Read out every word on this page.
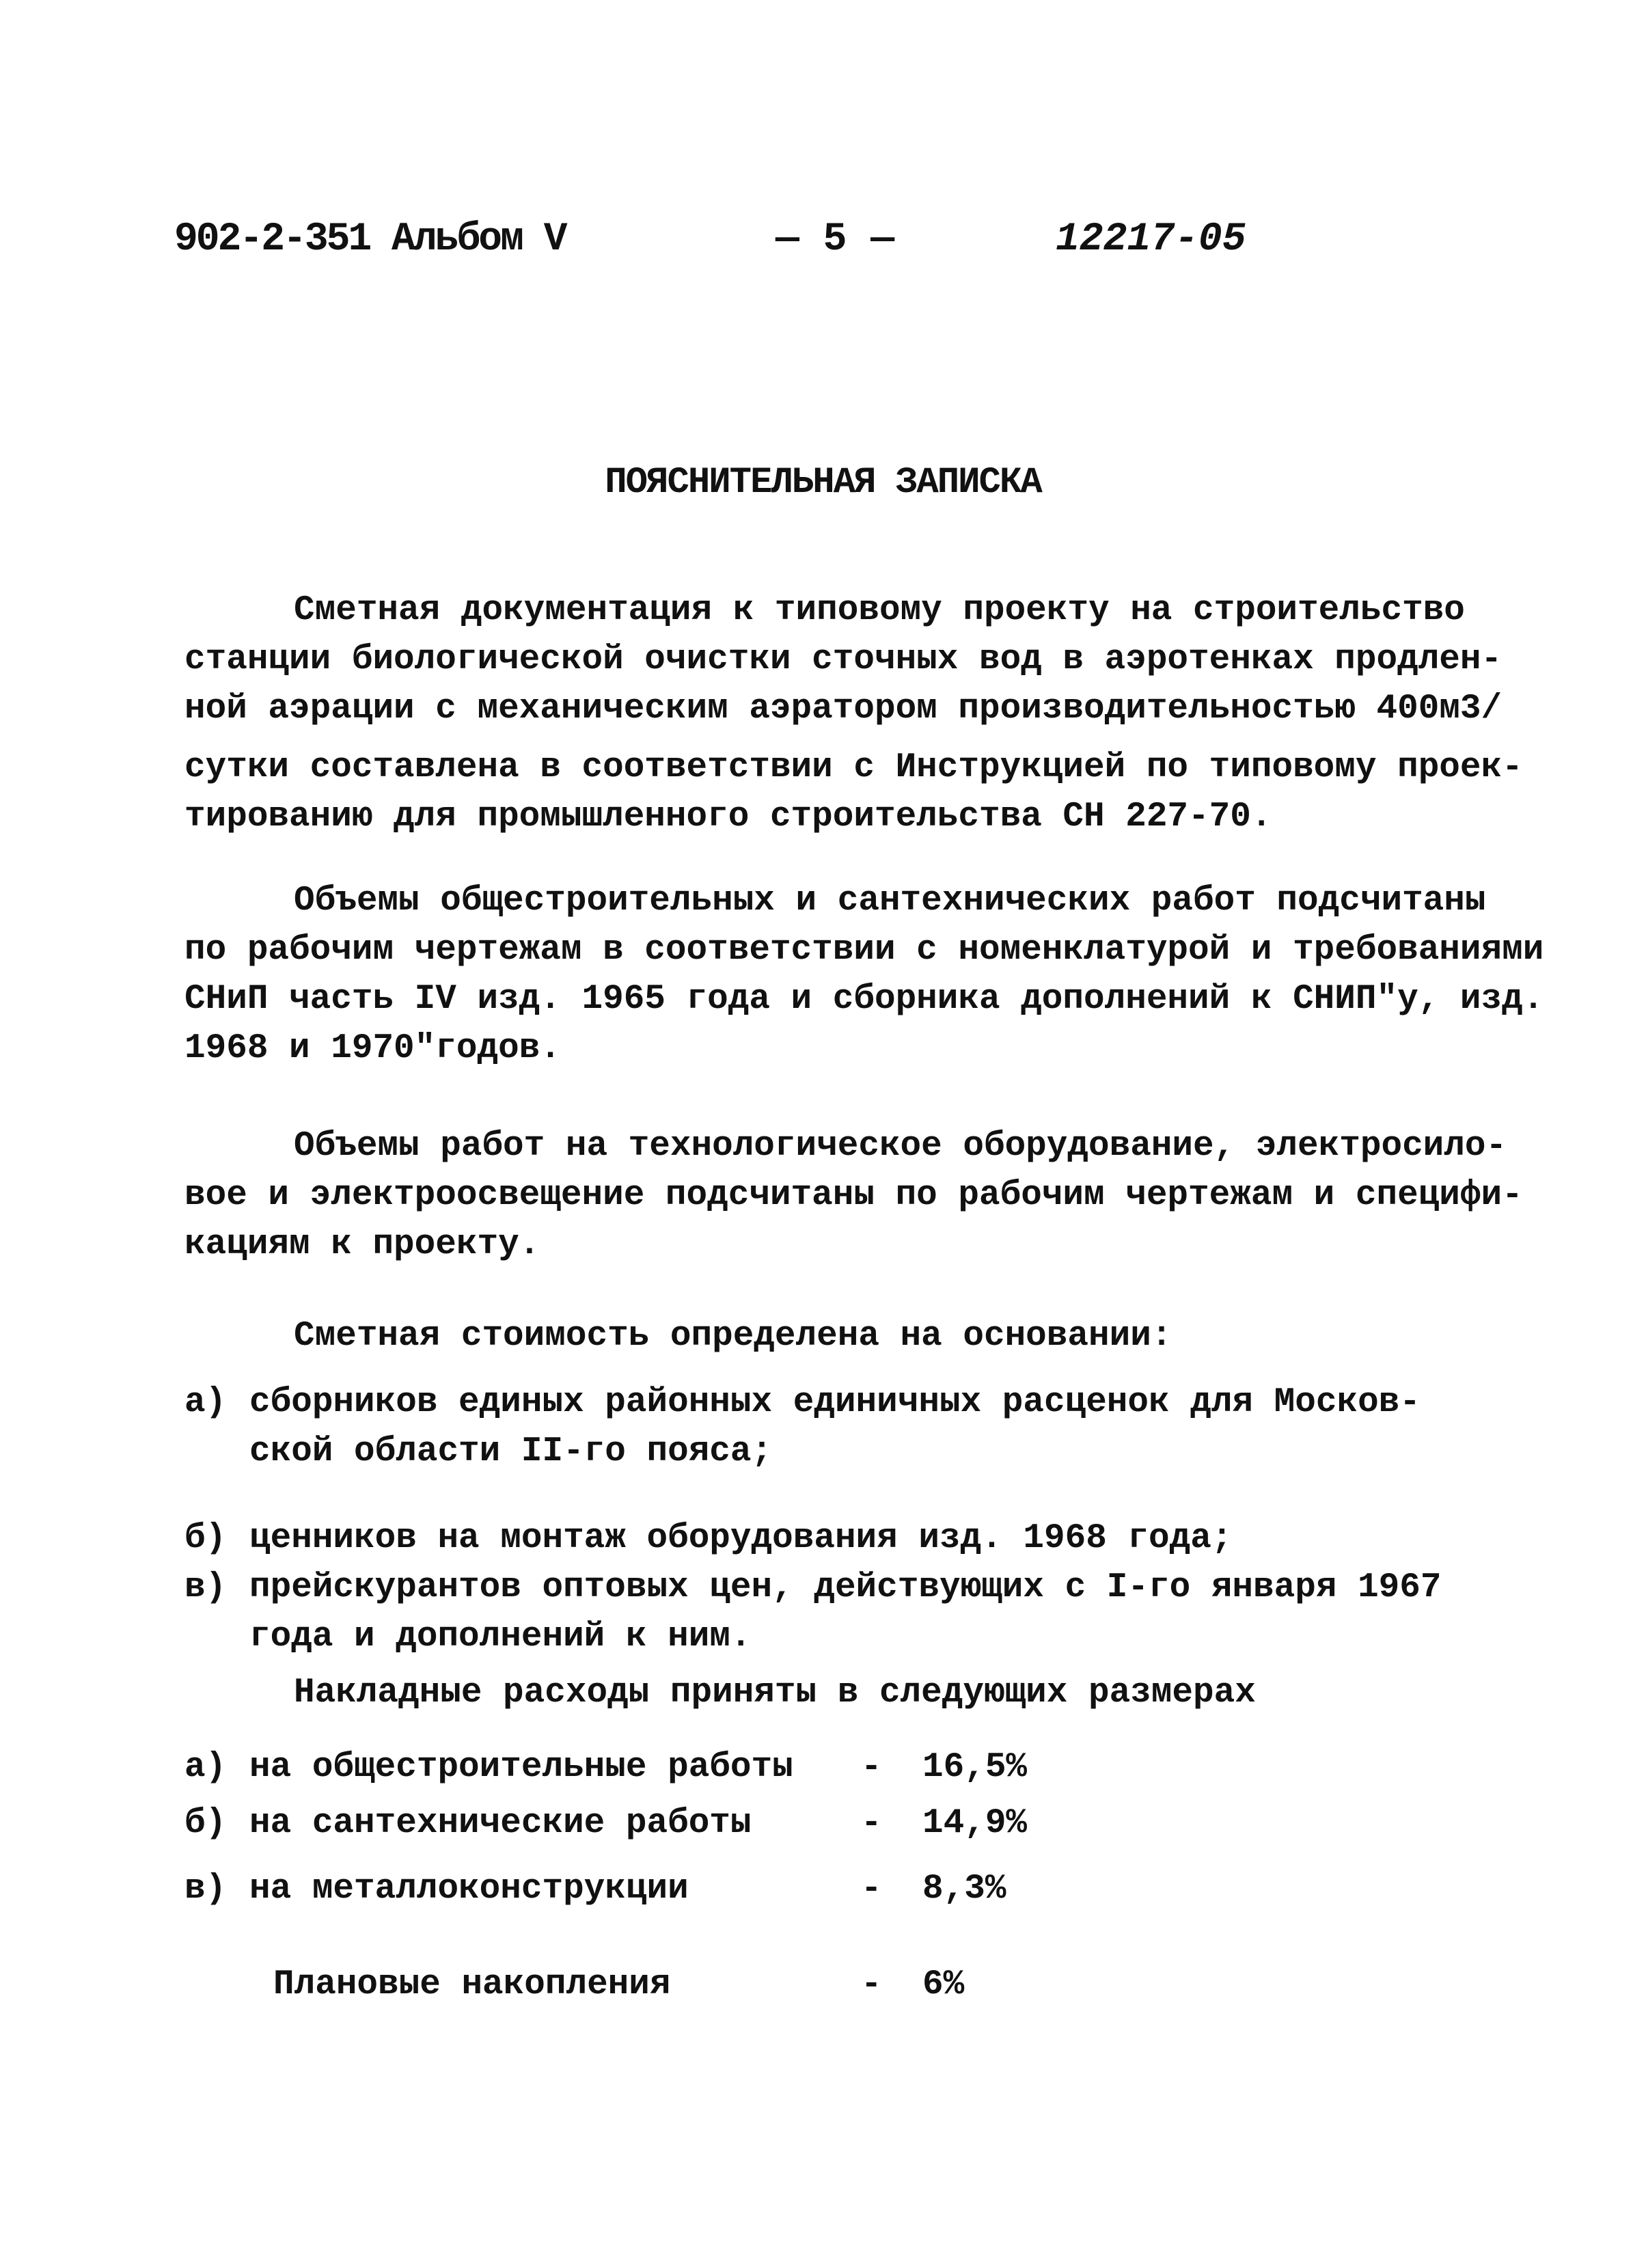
902-2-351 Альбом V	— 5 —	12217-05
ПОЯСНИТЕЛЬНАЯ ЗАПИСКА
Сметная документация к типовому проекту на строительство
станции биологической очистки сточных вод в аэротенках продлен-
ной аэрации с механическим аэратором производительностью 400м3/
сутки составлена в соответствии с Инструкцией по типовому проек-
тированию для промышленного строительства СН 227-70.
Объемы общестроительных и сантехнических работ подсчитаны
по рабочим чертежам в соответствии с номенклатурой и требованиями
СНиП часть IV изд. 1965 года и сборника дополнений к СНИП"у, изд.
1968 и 1970"годов.
Объемы работ на технологическое оборудование, электросило-
вое и электроосвещение подсчитаны по рабочим чертежам и специфи-
кациям к проекту.
Сметная стоимость определена на основании:
а) сборников единых районных единичных расценок для Москов-
ской области II-го пояса;
б) ценников на монтаж оборудования изд. 1968 года;
в) прейскурантов оптовых цен, действующих с I-го января 1967
года и дополнений к ним.
Накладные расходы приняты в следующих размерах
а) на общестроительные работы - 16,5%
б) на сантехнические работы	- 14,9%
в) на металлоконструкции	- 8,3%
Плановые накопления	- 6%
